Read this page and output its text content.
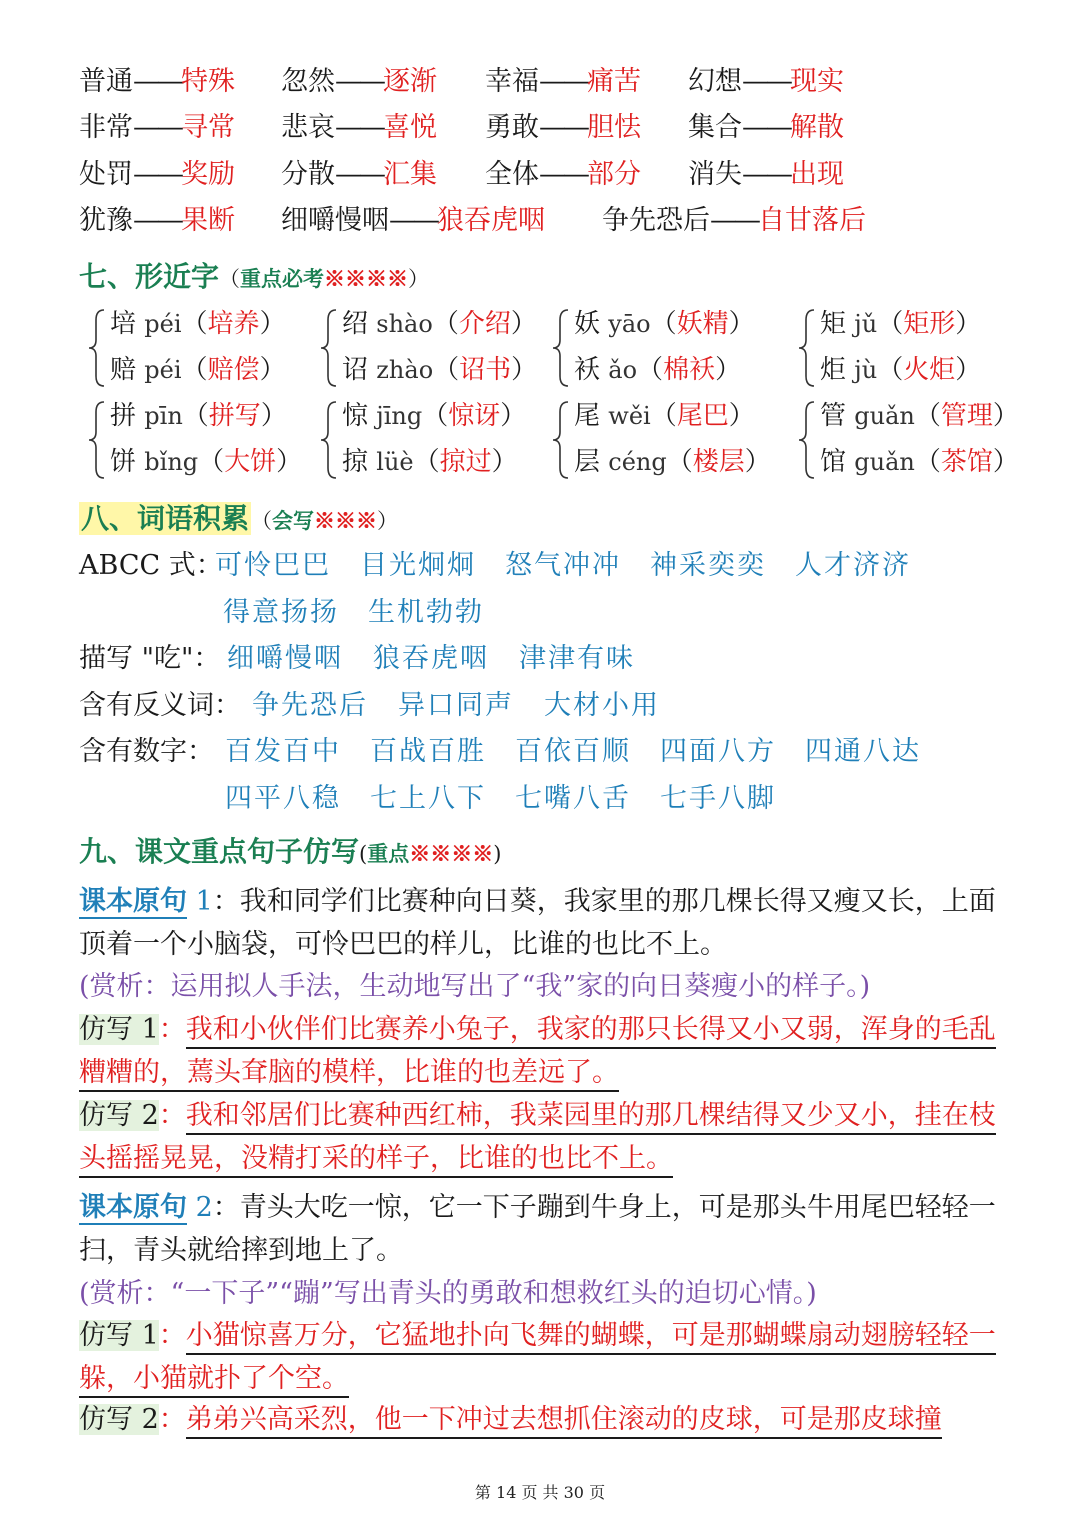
普通——特殊 忽然——逐渐 幸福——痛苦 幻想——现实
非常——寻常 悲哀——喜悦 勇敢——胆怯 集合——解散
处罚——奖励 分散——汇集 全体——部分 消失——出现
犹豫——果断 细嚼慢咽——狼吞虎咽 争先恐后——自甘落后
七、形近字（重点必考※※※※）
培 péi（培养）
赔 péi（赔偿）
绍 shào（介绍）
诏 zhào（诏书）
妖 yāo（妖精）
袄 ǎo（棉袄）
矩 jǔ（矩形）
炬 jù（火炬）
拼 pīn（拼写）
饼 bǐng（大饼）
惊 jīng（惊讶）
掠 lüè（掠过）
尾 wěi（尾巴）
层 céng（楼层）
管 guǎn（管理）
馆 guǎn（茶馆）
八、词语积累（会写※※※）
ABCC 式：
可怜巴巴 目光炯炯 怒气冲冲 神采奕奕 人才济济
得意扬扬 生机勃勃
描写 "吃"： 细嚼慢咽 狼吞虎咽 津津有味
含有反义词： 争先恐后 异口同声 大材小用
含有数字： 百发百中 百战百胜 百依百顺 四面八方 四通八达
四平八稳 七上八下 七嘴八舌 七手八脚
九、课文重点句子仿写(重点※※※※)
课本原句 1：我和同学们比赛种向日葵，我家里的那几棵长得又瘦又长，上面顶着一个小脑袋，可怜巴巴的样儿，比谁的也比不上。
(赏析：运用拟人手法，生动地写出了“我”家的向日葵瘦小的样子。)
仿写 1：我和小伙伴们比赛养小兔子，我家的那只长得又小又弱，浑身的毛乱糟糟的，蔫头耷脑的模样，比谁的也差远了。
仿写 2：我和邻居们比赛种西红柿，我菜园里的那几棵结得又少又小，挂在枝头摇摇晃晃，没精打采的样子，比谁的也比不上。
课本原句 2：青头大吃一惊，它一下子蹦到牛身上，可是那头牛用尾巴轻轻一扫，青头就给摔到地上了。
(赏析：“一下子”“蹦”写出青头的勇敢和想救红头的迫切心情。)
仿写 1：小猫惊喜万分，它猛地扑向飞舞的蝴蝶，可是那蝴蝶扇动翅膀轻轻一躲，小猫就扑了个空。
仿写 2：弟弟兴高采烈，他一下冲过去想抓住滚动的皮球，可是那皮球撞
第 14 页 共 30 页
